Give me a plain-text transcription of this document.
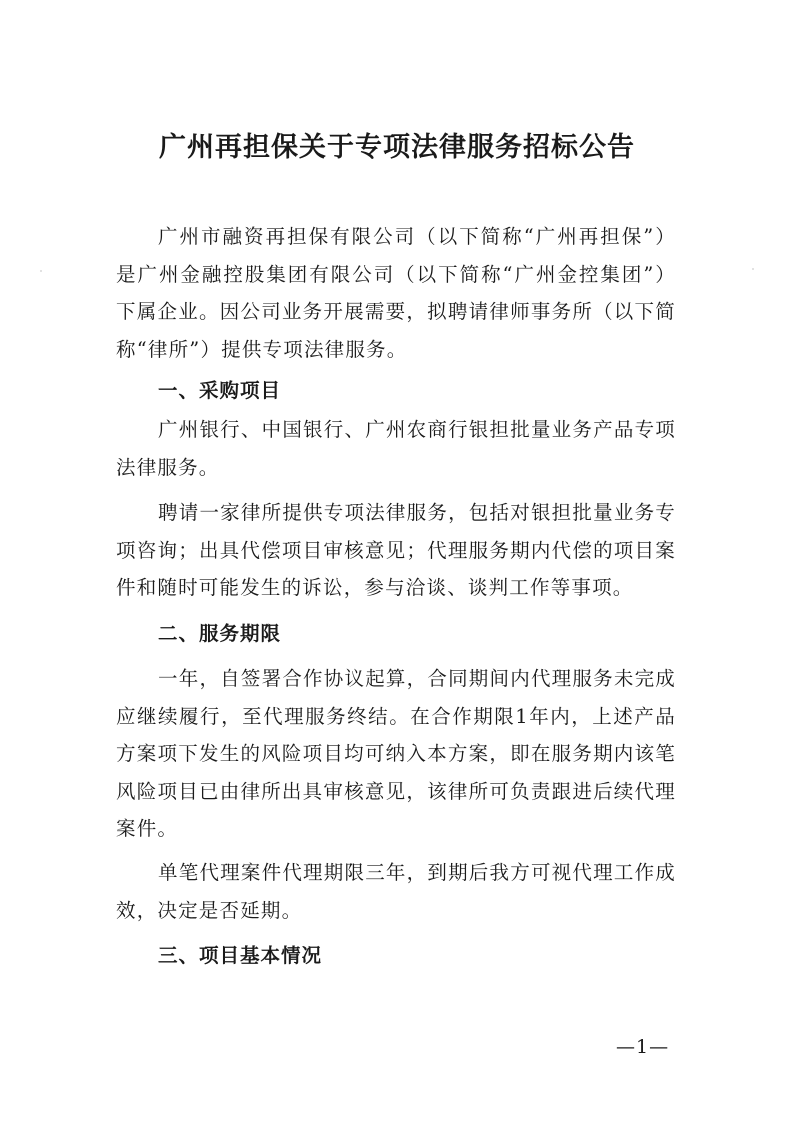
广州再担保关于专项法律服务招标公告

广州市融资再担保有限公司（以下简称“广州再担保”）是广州金融控股集团有限公司（以下简称“广州金控集团”）下属企业。因公司业务开展需要，拟聘请律师事务所（以下简称“律所”）提供专项法律服务。

一、采购项目

广州银行、中国银行、广州农商行银担批量业务产品专项法律服务。

聘请一家律所提供专项法律服务，包括对银担批量业务专项咨询；出具代偿项目审核意见；代理服务期内代偿的项目案件和随时可能发生的诉讼，参与洽谈、谈判工作等事项。

二、服务期限

一年，自签署合作协议起算，合同期间内代理服务未完成应继续履行，至代理服务终结。在合作期限1年内，上述产品方案项下发生的风险项目均可纳入本方案，即在服务期内该笔风险项目已由律所出具审核意见，该律所可负责跟进后续代理案件。

单笔代理案件代理期限三年，到期后我方可视代理工作成效，决定是否延期。

三、项目基本情况

—1—
